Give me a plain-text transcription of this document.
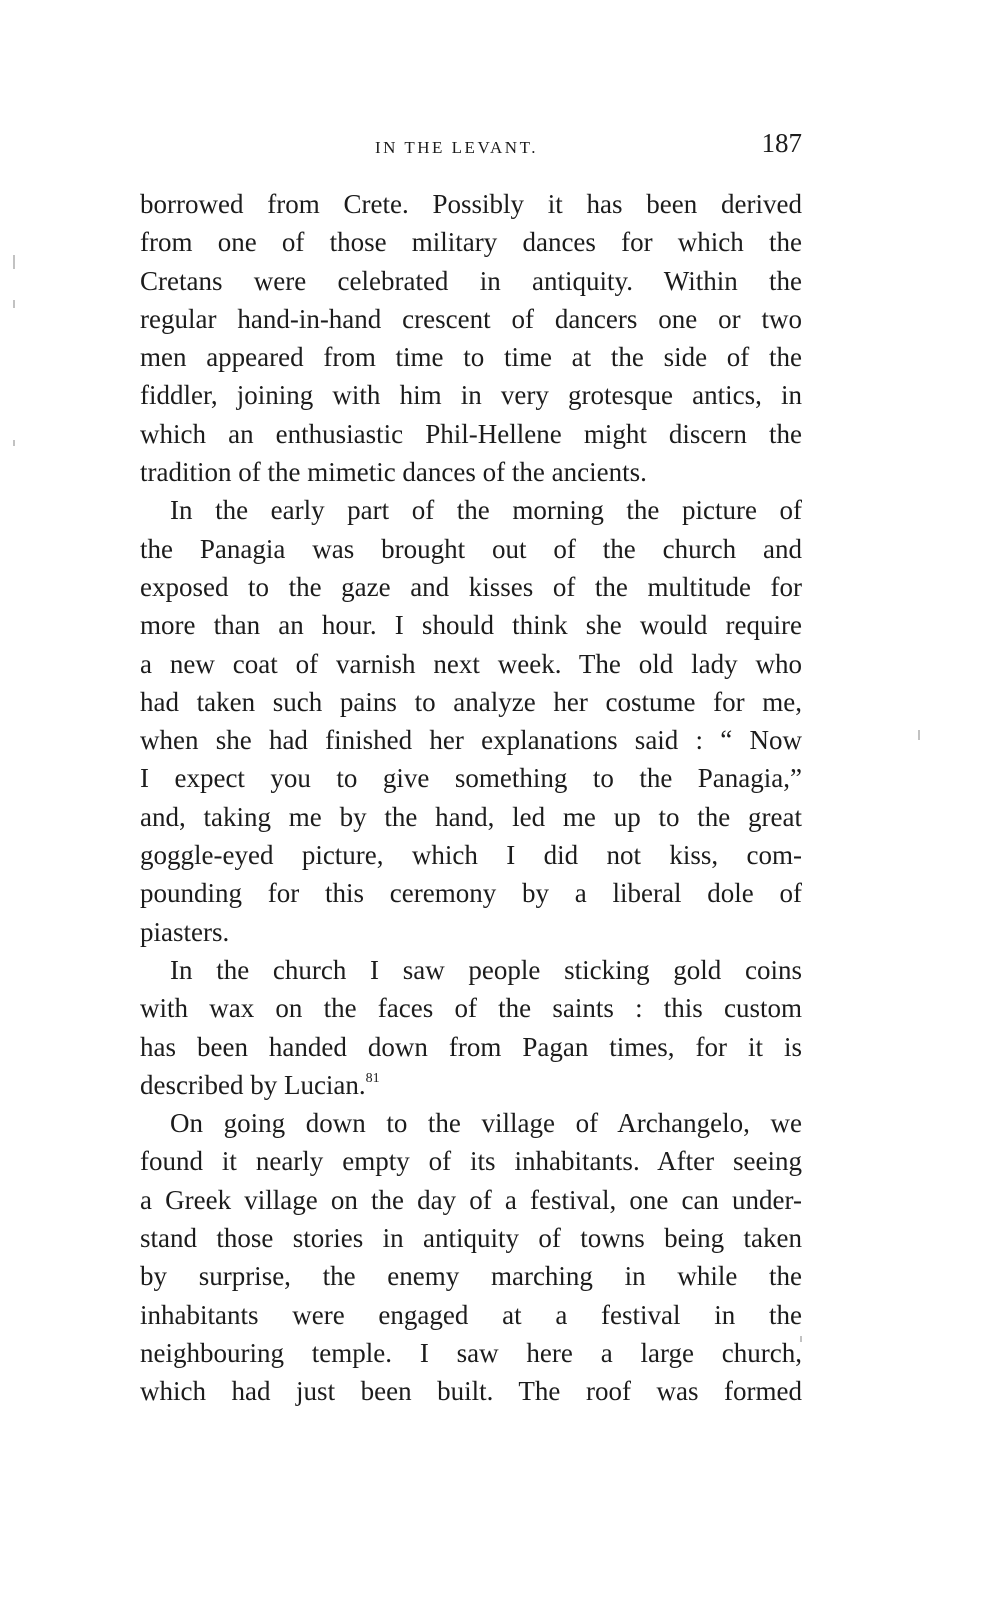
IN THE LEVANT.	187
borrowed from Crete. Possibly it has been derived
from one of those military dances for which the
Cretans were celebrated in antiquity. Within the
regular hand-in-hand crescent of dancers one or two
men appeared from time to time at the side of the
fiddler, joining with him in very grotesque antics, in
which an enthusiastic Phil-Hellene might discern the
tradition of the mimetic dances of the ancients.
In the early part of the morning the picture of
the Panagia was brought out of the church and
exposed to the gaze and kisses of the multitude for
more than an hour. I should think she would require
a new coat of varnish next week. The old lady who
had taken such pains to analyze her costume for me,
when she had finished her explanations said : “ Now
I expect you to give something to the Panagia,”
and, taking me by the hand, led me up to the great
goggle-eyed picture, which I did not kiss, com-
pounding for this ceremony by a liberal dole of
piasters.
In the church I saw people sticking gold coins
with wax on the faces of the saints : this custom
has been handed down from Pagan times, for it is
described by Lucian.$^{81}$
On going down to the village of Archangelo, we
found it nearly empty of its inhabitants. After seeing
a Greek village on the day of a festival, one can under-
stand those stories in antiquity of towns being taken
by surprise, the enemy marching in while the
inhabitants were engaged at a festival in the
neighbouring temple. I saw here a large church,
which had just been built. The roof was formed
